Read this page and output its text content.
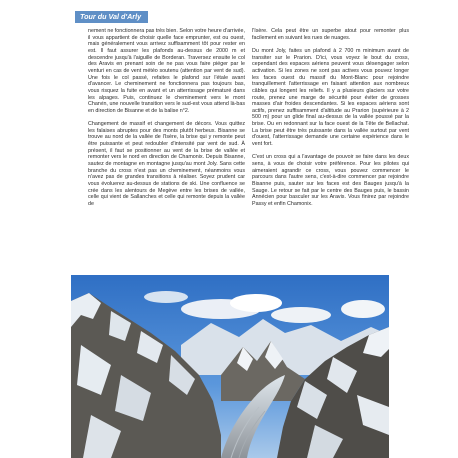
Tour du Val d'Arly

nement ne fonctionnera pas très bien. Selon votre heure d'arrivée, il vous appartient de choisir quelle face emprunter, est ou ouest, mais généralement vous arrivez suffisamment tôt pour rester en est. Il faut assurer les plafonds au-dessus de 2000 m et descendre jusqu'à l'aiguille de Borderan. Traversez ensuite le col des Aravis en prenant soin de ne pas vous faire piéger par le venturi en cas de vent météo soutenu (attention par vent de sud). Une fois le col passé, refaites le plafond sur l'étale avant d'avancer. Le cheminement ne fonctionnera pas toujours bas, vous risquez la fuite en avant et un atterrissage prématuré dans les alpages. Puis, continuez le cheminement vers le mont Charvin, une nouvelle transition vers le sud-est vous attend là-bas en direction de Bisanne et de la balise n°2.

Changement de massif et changement de décors. Vous quittez les falaises abruptes pour des monts plutôt herbeux. Bisanne se trouve au nord de la vallée de l'Isère, la brise qui y remonte peut être puissante et peut redoubler d'intensité par vent de sud. À présent, il faut se positionner au vent de la brise de vallée et remonter vers le nord en direction de Chamonix. Depuis Bisanne, sautez de montagne en montagne jusqu'au mont Joly. Sans cette branche du cross n'est pas un cheminement, néanmoins vous n'avez pas de grandes transitions à réaliser. Soyez prudent car vous évoluerez au-dessus de stations de ski. Une confluence se crée dans les alentours de Megève entre les brises de vallée, celle qui vient de Sallanches et celle qui remonte depuis la vallée de

l'Isère. Cela peut être un superbe atout pour remonter plus facilement en suivant les rues de nuages.

Du mont Joly, faites un plafond à 2 700 m minimum avant de transiter sur le Prarion. D'ici, vous voyez le bout du cross, cependant des espaces aériens peuvent vous désengager selon activation. Si les zones ne sont pas actives vous pouvez longer les faces ouest du massif du Mont-Blanc pour rejoindre tranquillement l'atterrissage en faisant attention aux nombreux câbles qui longent les reliefs. Il y a plusieurs glaciers sur votre route, prenez une marge de sécurité pour éviter de grosses masses d'air froides descendantes. Si les espaces aériens sont actifs, prenez suffisamment d'altitude au Prarion (supérieure à 2 500 m) pour un glide final au-dessus de la vallée poussé par la brise. Ou en redonnant sur la face ouest de la Tête de Bellachat. La brise peut être très puissante dans la vallée surtout par vent d'ouest, l'atterrissage demande une certaine expérience dans le vent fort.

C'est un cross qui a l'avantage de pouvoir se faire dans les deux sens, à vous de choisir votre préférence. Pour les pilotes qui aimeraient agrandir ce cross, vous pouvez commencer le parcours dans l'autre sens, c'est-à-dire commencer par rejoindre Bisanne puis, sauter sur les faces est des Bauges jusqu'à la Sauge. Le retour se fait par le centre des Bauges puis, le bassin Annécien pour basculer sur les Aravis. Vous finirez par rejoindre Passy et enfin Chamonix.
